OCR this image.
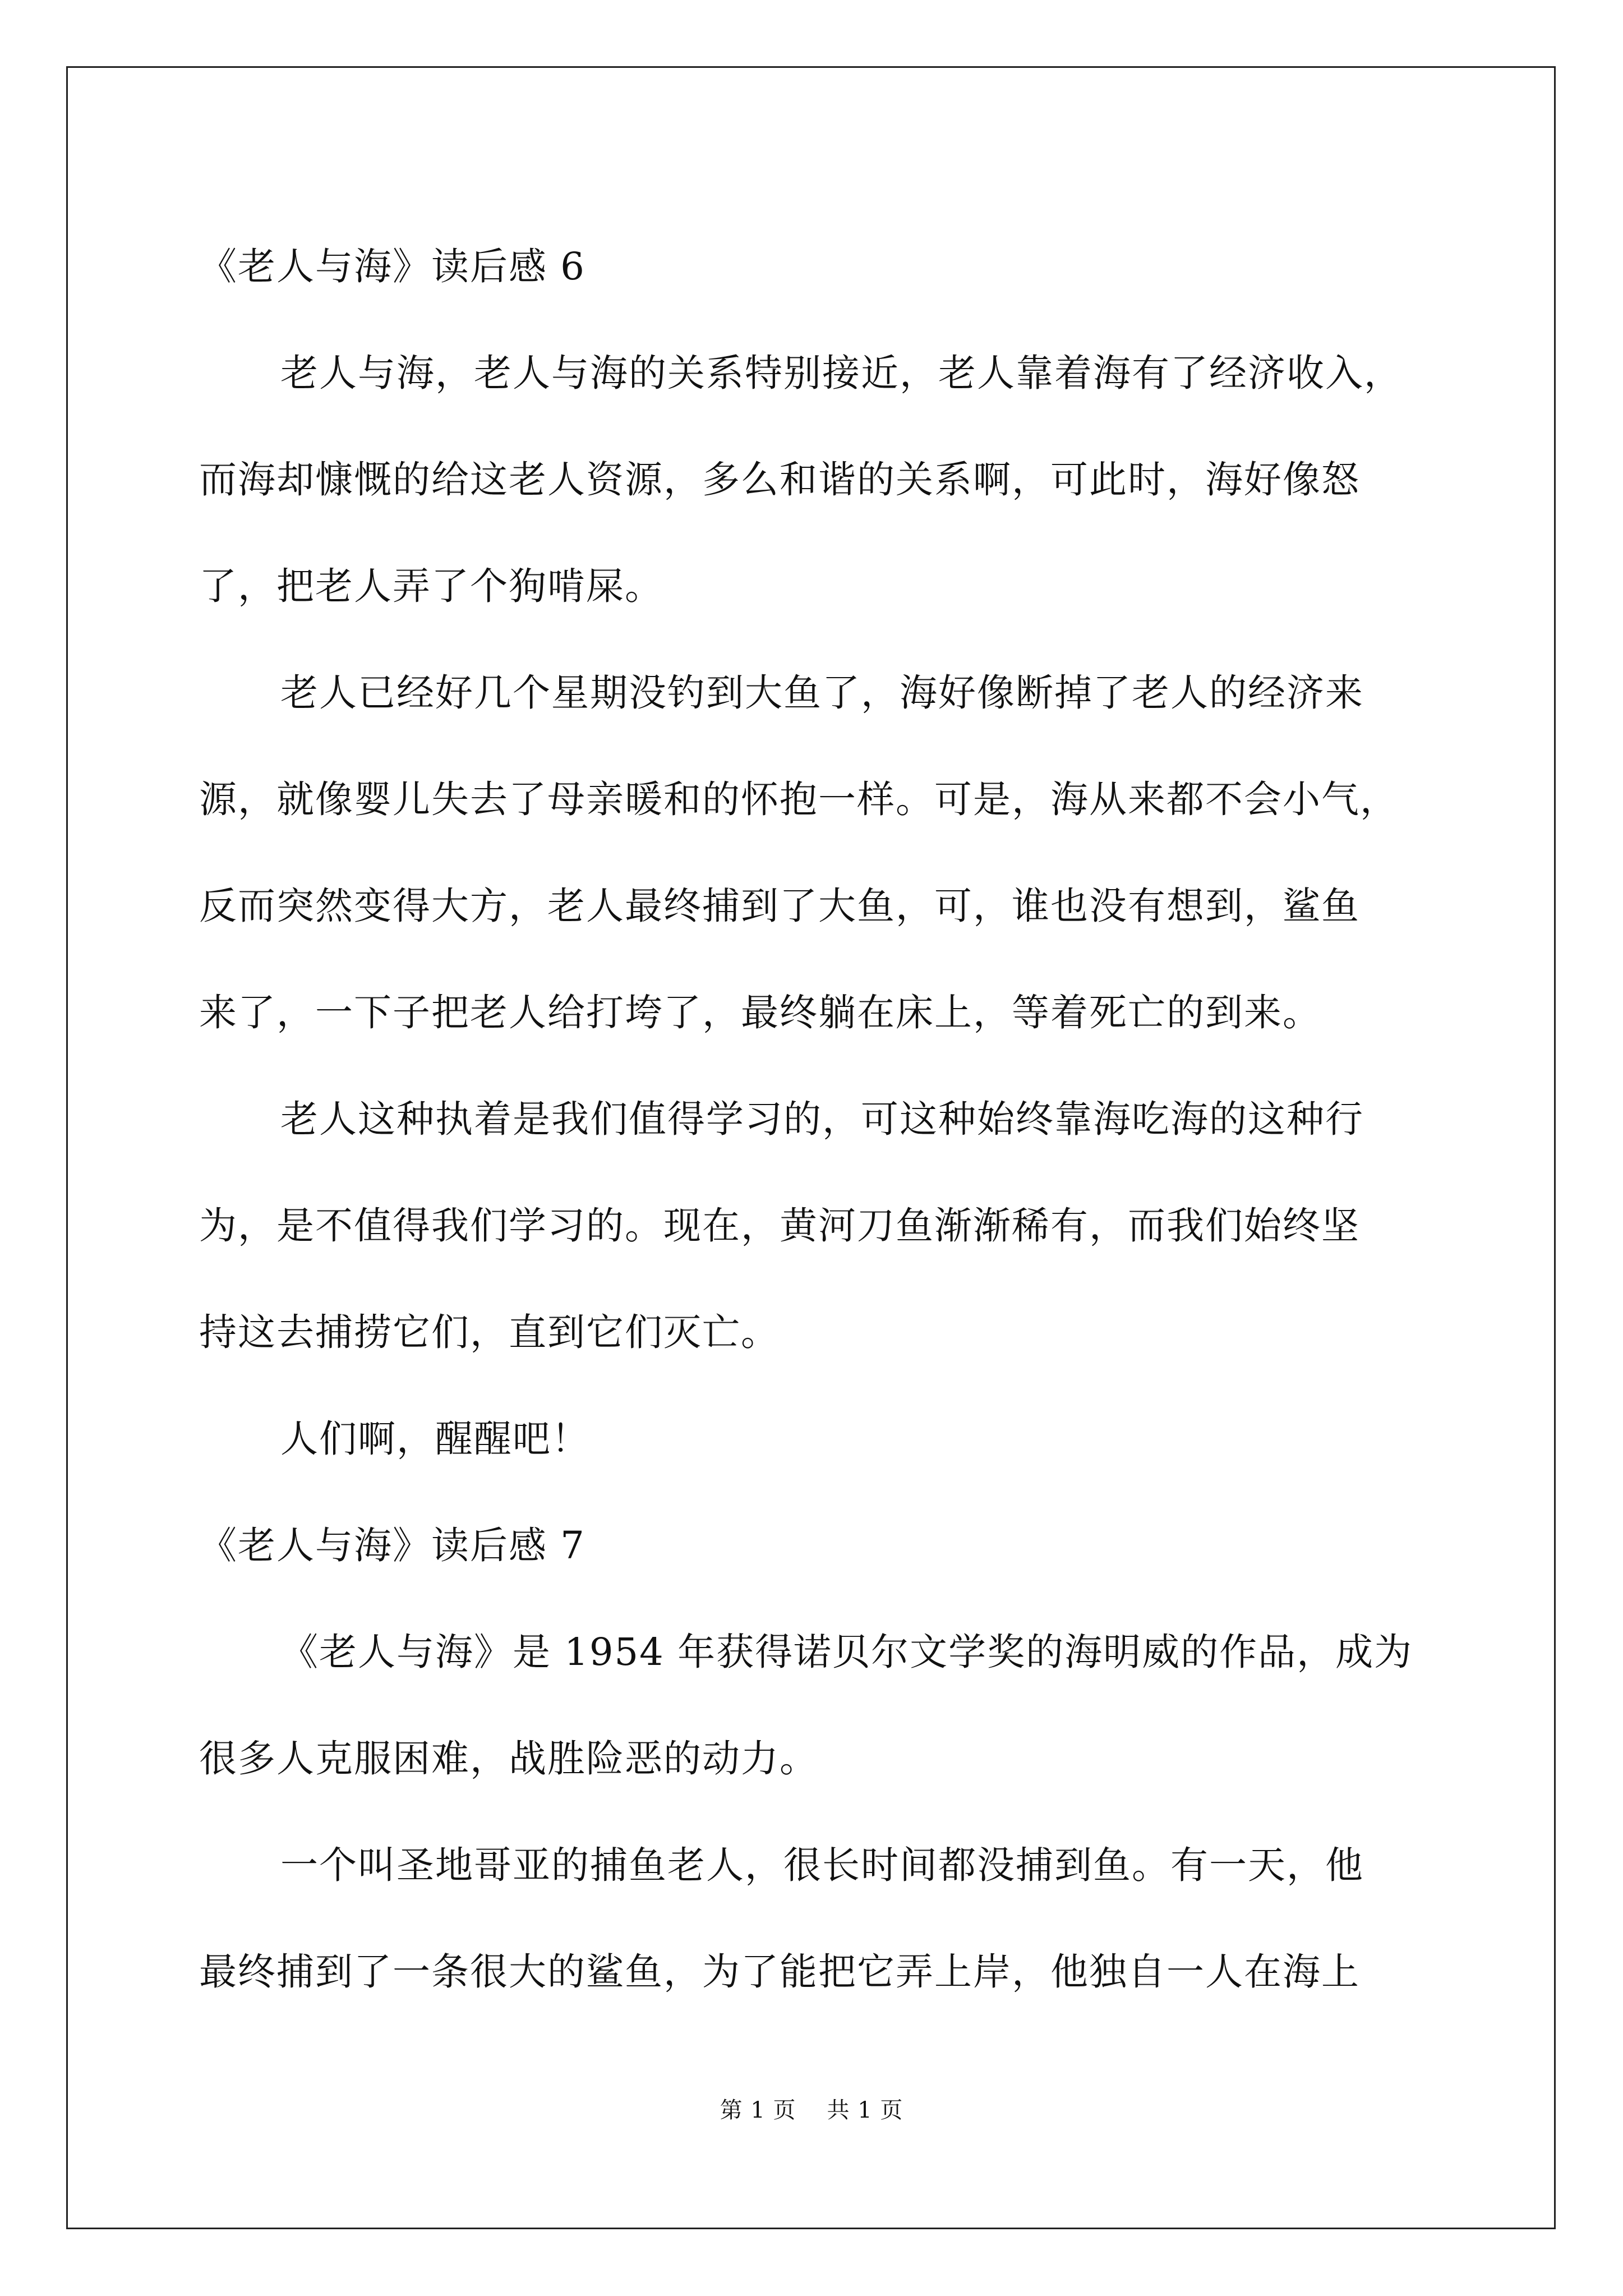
《老人与海》读后感 6
老人与海，老人与海的关系特别接近，老人靠着海有了经济收入，
而海却慷慨的给这老人资源，多么和谐的关系啊，可此时，海好像怒
了，把老人弄了个狗啃屎。
老人已经好几个星期没钓到大鱼了，海好像断掉了老人的经济来
源，就像婴儿失去了母亲暖和的怀抱一样。可是，海从来都不会小气，
反而突然变得大方，老人最终捕到了大鱼，可，谁也没有想到，鲨鱼
来了，一下子把老人给打垮了，最终躺在床上，等着死亡的到来。
老人这种执着是我们值得学习的，可这种始终靠海吃海的这种行
为，是不值得我们学习的。现在，黄河刀鱼渐渐稀有，而我们始终坚
持这去捕捞它们，直到它们灭亡。
人们啊，醒醒吧！
《老人与海》读后感 7
《老人与海》是 1954 年获得诺贝尔文学奖的海明威的作品，成为
很多人克服困难，战胜险恶的动力。
一个叫圣地哥亚的捕鱼老人，很长时间都没捕到鱼。有一天，他
最终捕到了一条很大的鲨鱼，为了能把它弄上岸，他独自一人在海上
第 1 页 共 1 页
